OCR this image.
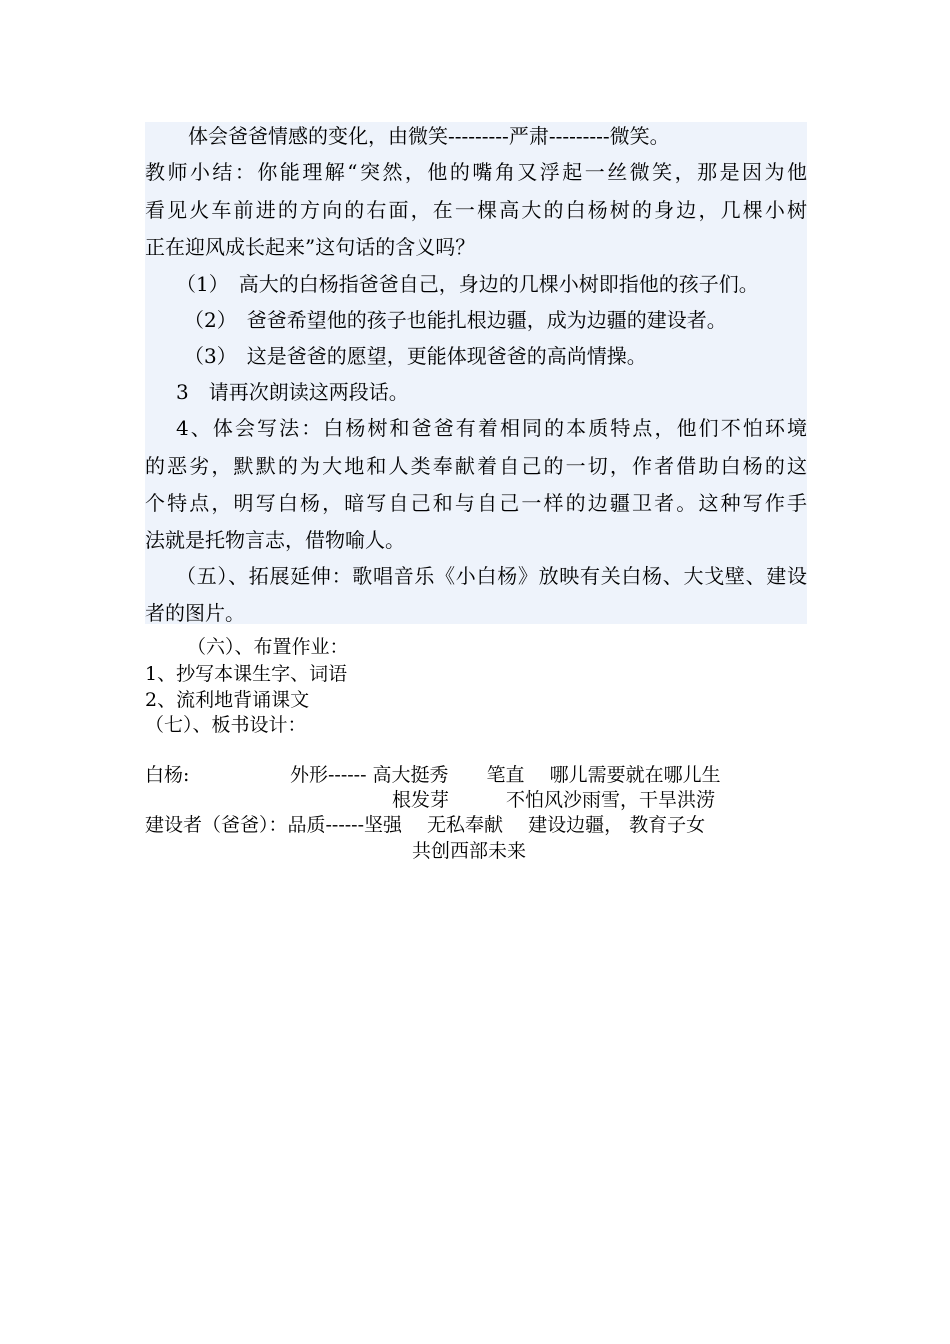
体会爸爸情感的变化，由微笑---------严肃---------微笑。
教师小结：你能理解“突然，他的嘴角又浮起一丝微笑，那是因为他
看见火车前进的方向的右面，在一棵高大的白杨树的身边，几棵小树
正在迎风成长起来”这句话的含义吗？
（1）　高大的白杨指爸爸自己，身边的几棵小树即指他的孩子们。
（2）　爸爸希望他的孩子也能扎根边疆，成为边疆的建设者。
（3）　这是爸爸的愿望，更能体现爸爸的高尚情操。
3　请再次朗读这两段话。
4、体会写法：白杨树和爸爸有着相同的本质特点，他们不怕环境
的恶劣，默默的为大地和人类奉献着自己的一切，作者借助白杨的这
个特点，明写白杨，暗写自己和与自己一样的边疆卫者。这种写作手
法就是托物言志，借物喻人。
（五）、拓展延伸：歌唱音乐《小白杨》放映有关白杨、大戈壁、建设
者的图片。
（六）、布置作业：
1、抄写本课生字、词语
2、流利地背诵课文
（七）、板书设计：
白杨:	外形------ 高大挺秀　　笔直　 哪儿需要就在哪儿生
根发芽　　　不怕风沙雨雪，干旱洪涝
建设者（爸爸）：品质------坚强　 无私奉献　 建设边疆， 教育子女
共创西部未来
